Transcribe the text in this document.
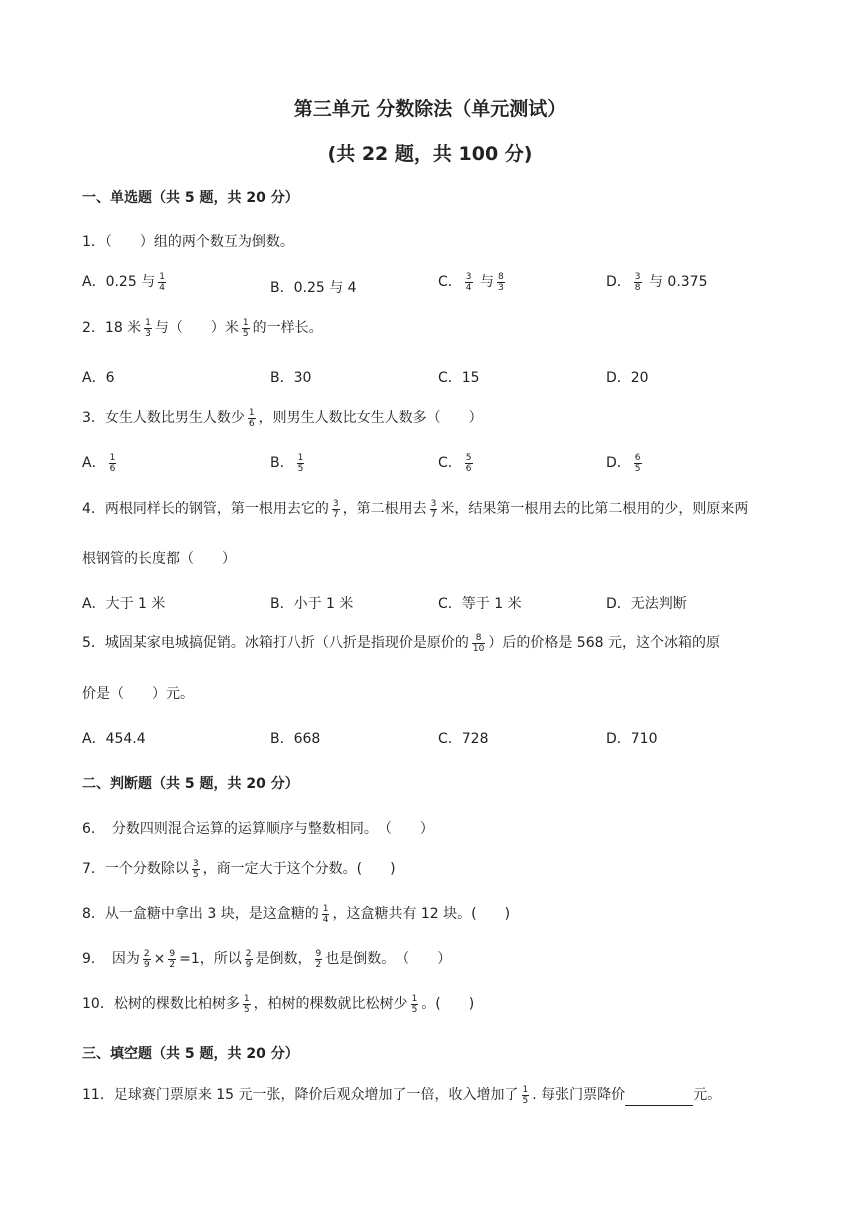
第三单元 分数除法（单元测试）
(共 22 题，共 100 分)
一、单选题（共 5 题，共 20 分）
1．（　　）组的两个数互为倒数。
A．0.25 与 $\frac{1}{4}$	B．0.25 与 4	C． $\frac{3}{4}$ 与 $\frac{8}{3}$	D． $\frac{3}{8}$ 与 0.375
2．18 米 $\frac{1}{3}$ 与（　　）米 $\frac{1}{5}$ 的一样长。
A．6	B．30	C．15	D．20
3．女生人数比男生人数少 $\frac{1}{6}$ ，则男生人数比女生人数多（　　）
A． $\frac{1}{6}$	B． $\frac{1}{5}$	C． $\frac{5}{6}$	D． $\frac{6}{5}$
4．两根同样长的钢管，第一根用去它的 $\frac{3}{7}$ ，第二根用去 $\frac{3}{7}$ 米，结果第一根用去的比第二根用的少，则原来两
根钢管的长度都（　　）
A．大于 1 米	B．小于 1 米	C．等于 1 米	D．无法判断
5．城固某家电城搞促销。冰箱打八折（八折是指现价是原价的 $\frac{8}{10}$ ）后的价格是 568 元，这个冰箱的原
价是（　　）元。
A．454.4	B．668	C．728	D．710
二、判断题（共 5 题，共 20 分）
6．　分数四则混合运算的运算顺序与整数相同。　（　　）
7．一个分数除以 $\frac{3}{5}$ ，商一定大于这个分数。(　　)
8．从一盒糖中拿出 3 块，是这盒糖的 $\frac{1}{4}$ ，这盒糖共有 12 块。(　　)
9．　因为 $\frac{2}{9} \times \frac{9}{2} =1$，所以 $\frac{2}{9}$ 是倒数， $\frac{9}{2}$ 也是倒数。　（　　）
10．松树的棵数比柏树多 $\frac{1}{5}$ ，柏树的棵数就比松树少 $\frac{1}{5}$ 。(　　)
三、填空题（共 5 题，共 20 分）
11．足球赛门票原来 15 元一张，降价后观众增加了一倍，收入增加了 $\frac{1}{5}$ . 每张门票降价	元。
